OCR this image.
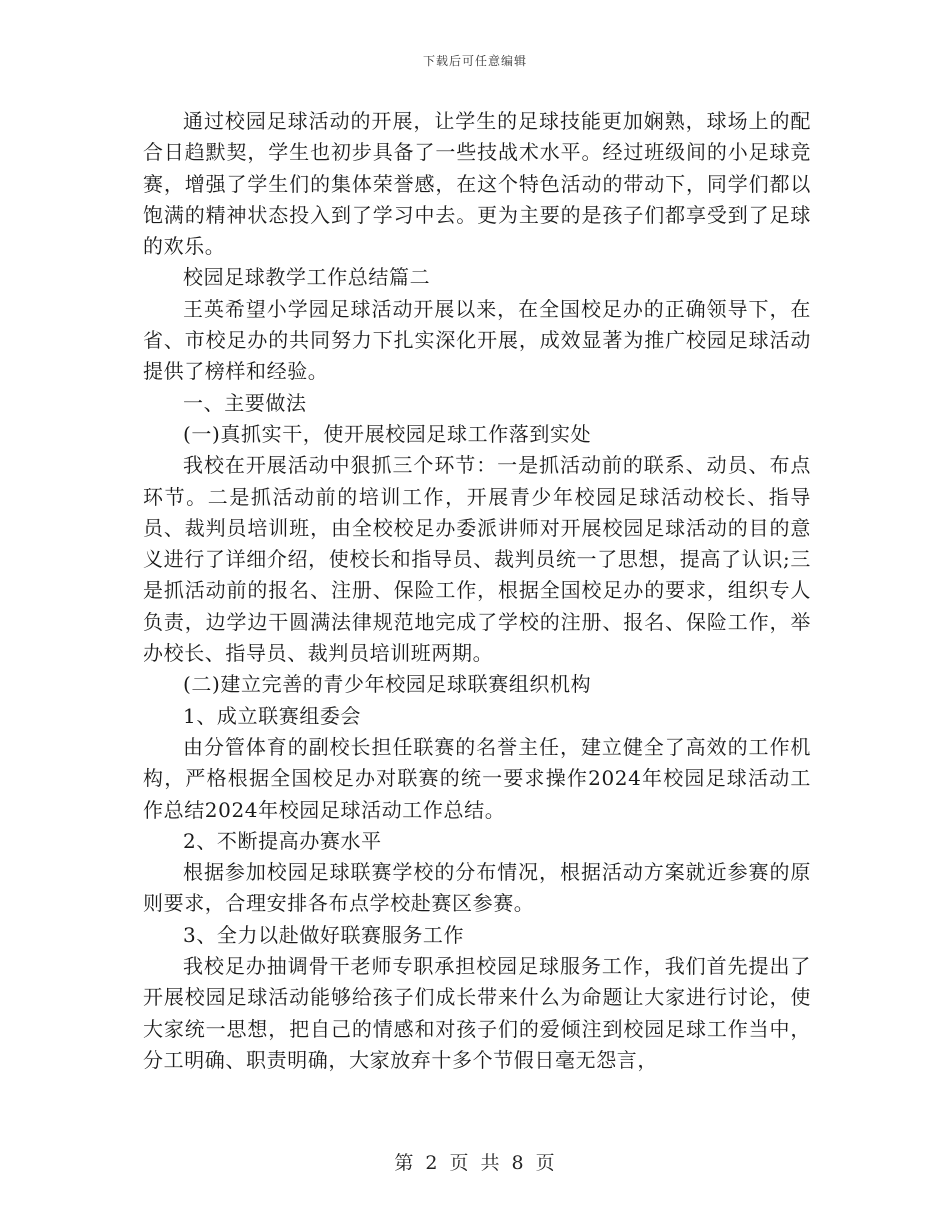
下载后可任意编辑

通过校园足球活动的开展，让学生的足球技能更加娴熟，球场上的配合日趋默契，学生也初步具备了一些技战术水平。经过班级间的小足球竞赛，增强了学生们的集体荣誉感，在这个特色活动的带动下，同学们都以饱满的精神状态投入到了学习中去。更为主要的是孩子们都享受到了足球的欢乐。

校园足球教学工作总结篇二

王英希望小学园足球活动开展以来，在全国校足办的正确领导下，在省、市校足办的共同努力下扎实深化开展，成效显著为推广校园足球活动提供了榜样和经验。

一、主要做法

(一)真抓实干，使开展校园足球工作落到实处

我校在开展活动中狠抓三个环节：一是抓活动前的联系、动员、布点环节。二是抓活动前的培训工作，开展青少年校园足球活动校长、指导员、裁判员培训班，由全校校足办委派讲师对开展校园足球活动的目的意义进行了详细介绍，使校长和指导员、裁判员统一了思想，提高了认识;三是抓活动前的报名、注册、保险工作，根据全国校足办的要求，组织专人负责，边学边干圆满法律规范地完成了学校的注册、报名、保险工作，举办校长、指导员、裁判员培训班两期。

(二)建立完善的青少年校园足球联赛组织机构

1、成立联赛组委会

由分管体育的副校长担任联赛的名誉主任，建立健全了高效的工作机构，严格根据全国校足办对联赛的统一要求操作2024年校园足球活动工作总结2024年校园足球活动工作总结。

2、不断提高办赛水平

根据参加校园足球联赛学校的分布情况，根据活动方案就近参赛的原则要求，合理安排各布点学校赴赛区参赛。

3、全力以赴做好联赛服务工作

我校足办抽调骨干老师专职承担校园足球服务工作，我们首先提出了开展校园足球活动能够给孩子们成长带来什么为命题让大家进行讨论，使大家统一思想，把自己的情感和对孩子们的爱倾注到校园足球工作当中，分工明确、职责明确，大家放弃十多个节假日毫无怨言，

第 2 页 共 8 页
